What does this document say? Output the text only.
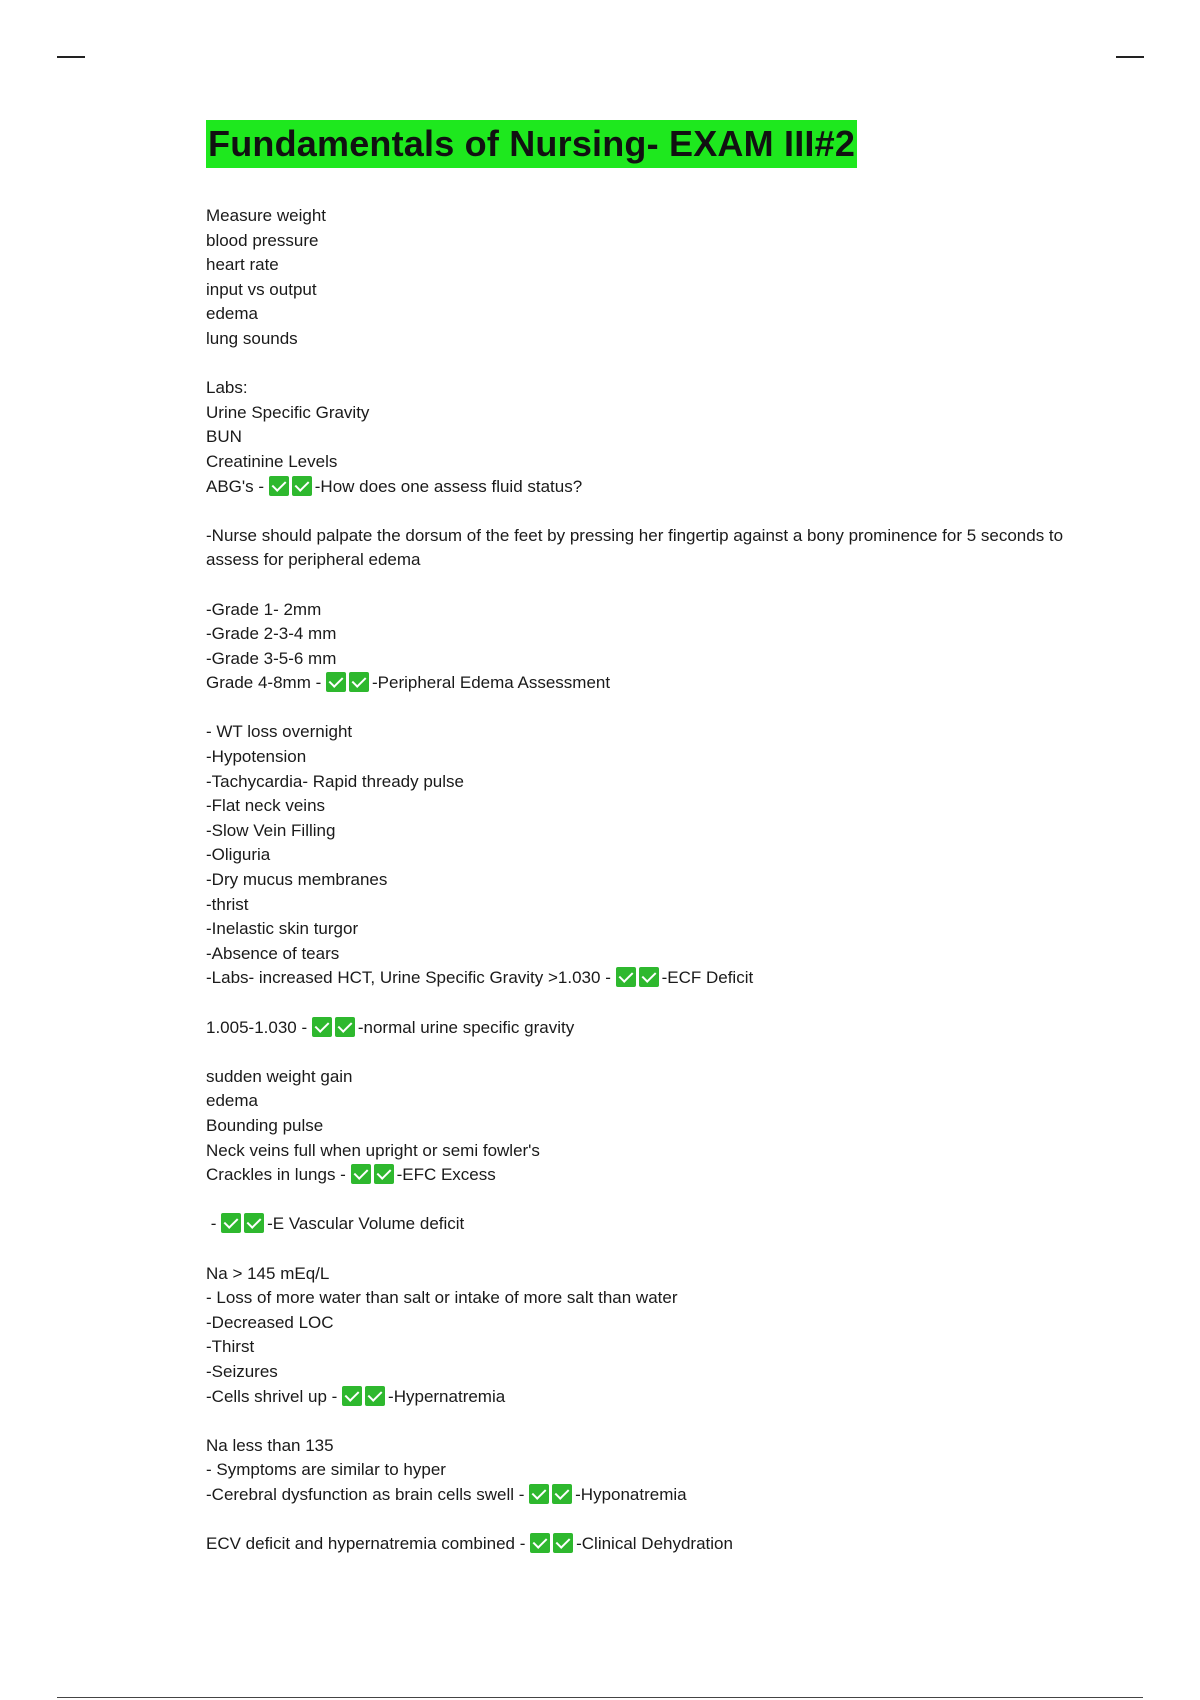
Fundamentals of Nursing- EXAM III#2
Measure weight
blood pressure
heart rate
input vs output
edema
lung sounds
Labs:
Urine Specific Gravity
BUN
Creatinine Levels
ABG's -	-How does one assess fluid status?
-Nurse should palpate the dorsum of the feet by pressing her fingertip against a bony prominence for 5 seconds to assess for peripheral edema
-Grade 1- 2mm
-Grade 2-3-4 mm
-Grade 3-5-6 mm
Grade 4-8mm -	-Peripheral Edema Assessment
- WT loss overnight
-Hypotension
-Tachycardia- Rapid thready pulse
-Flat neck veins
-Slow Vein Filling
-Oliguria
-Dry mucus membranes
-thrist
-Inelastic skin turgor
-Absence of tears
-Labs- increased HCT, Urine Specific Gravity >1.030 -	-ECF Deficit
1.005-1.030 -	-normal urine specific gravity
sudden weight gain
edema
Bounding pulse
Neck veins full when upright or semi fowler's
Crackles in lungs -	-EFC Excess
-	-E Vascular Volume deficit
Na > 145 mEq/L
- Loss of more water than salt or intake of more salt than water
-Decreased LOC
-Thirst
-Seizures
-Cells shrivel up -	-Hypernatremia
Na less than 135
- Symptoms are similar to hyper
-Cerebral dysfunction as brain cells swell -	-Hyponatremia
ECV deficit and hypernatremia combined -	-Clinical Dehydration
